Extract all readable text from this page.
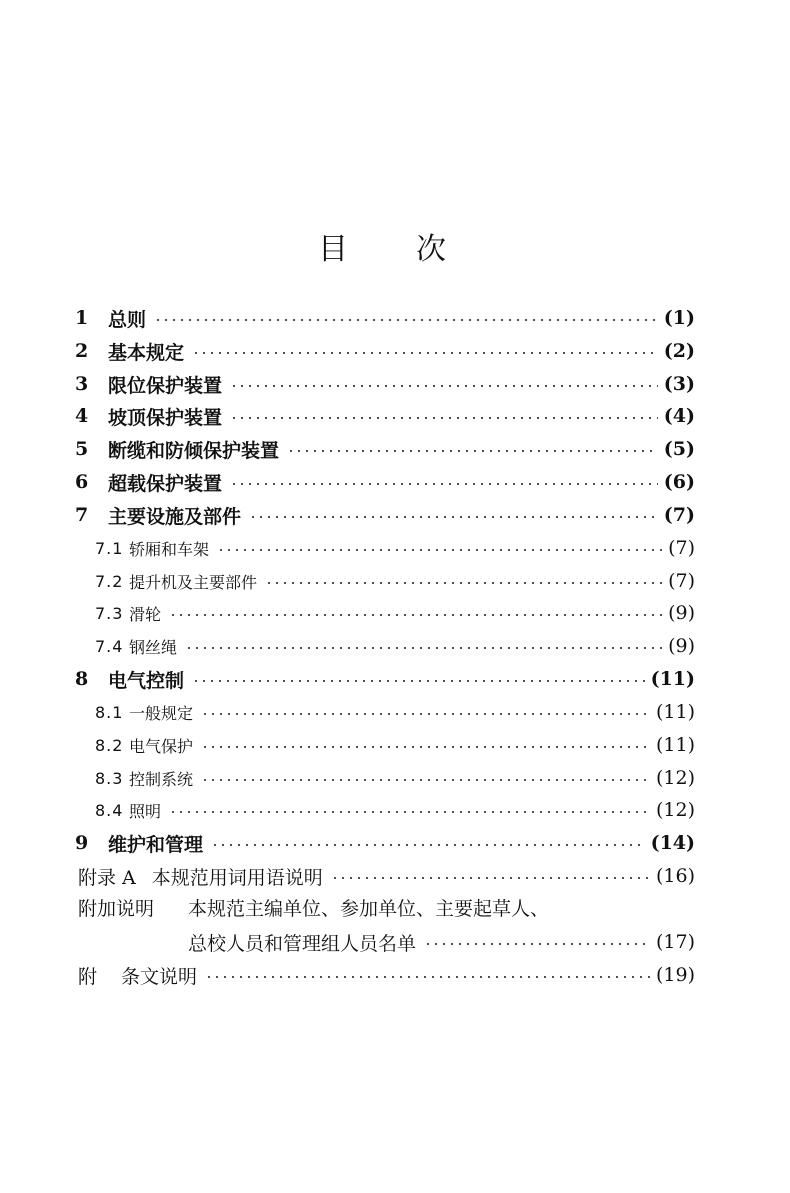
目 次
1	总则	(1)
2	基本规定	(2)
3	限位保护装置	(3)
4	坡顶保护装置	(4)
5	断缆和防倾保护装置	(5)
6	超载保护装置	(6)
7	主要设施及部件	(7)
7.1 轿厢和车架	(7)
7.2 提升机及主要部件	(7)
7.3 滑轮	(9)
7.4 钢丝绳	(9)
8	电气控制	(11)
8.1 一般规定	(11)
8.2 电气保护	(11)
8.3 控制系统	(12)
8.4 照明	(12)
9	维护和管理	(14)
附录 A 本规范用词用语说明	(16)
附加说明 本规范主编单位、参加单位、主要起草人、
总校人员和管理组人员名单	(17)
附 条文说明	(19)
